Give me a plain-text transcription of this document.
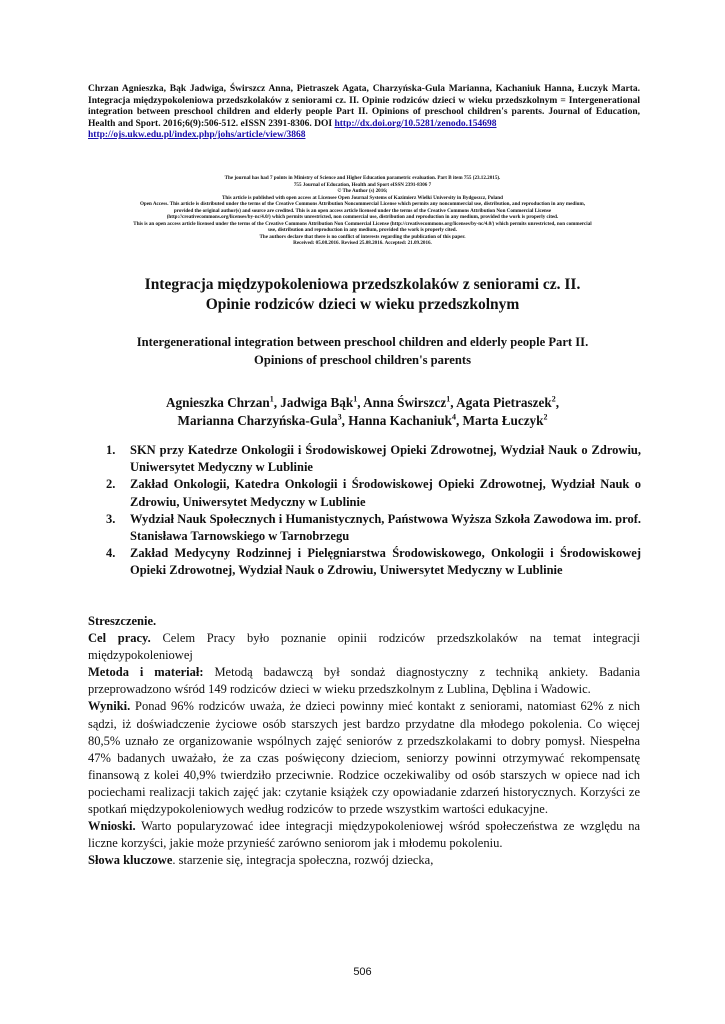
Chrzan Agnieszka, Bąk Jadwiga, Świrszcz Anna, Pietraszek Agata, Charzyńska-Gula Marianna, Kachaniuk Hanna, Łuczyk Marta. Integracja międzypokoleniowa przedszkolaków z seniorami cz. II. Opinie rodziców dzieci w wieku przedszkolnym = Intergenerational integration between preschool children and elderly people Part II. Opinions of preschool children's parents. Journal of Education, Health and Sport. 2016;6(9):506-512. eISSN 2391-8306. DOI http://dx.doi.org/10.5281/zenodo.154698
http://ojs.ukw.edu.pl/index.php/johs/article/view/3868

The journal has had 7 points in Ministry of Science and Higher Education parametric evaluation. Part B item 755 (23.12.2015).
755 Journal of Education, Health and Sport eISSN 2391-8306 7
© The Author (s) 2016;
This article is published with open access at Licensee Open Journal Systems of Kazimierz Wielki University in Bydgoszcz, Poland
Open Access. This article is distributed under the terms of the Creative Commons Attribution Noncommercial License which permits any noncommercial use, distribution, and reproduction in any medium,
provided the original author(s) and source are credited. This is an open access article licensed under the terms of the Creative Commons Attribution Non Commercial License
(http://creativecommons.org/licenses/by-nc/4.0/) which permits unrestricted, non commercial use, distribution and reproduction in any medium, provided the work is properly cited.
This is an open access article licensed under the terms of the Creative Commons Attribution Non Commercial License (http://creativecommons.org/licenses/by-nc/4.0/) which permits unrestricted, non commercial
use, distribution and reproduction in any medium, provided the work is properly cited.
The authors declare that there is no conflict of interests regarding the publication of this paper.
Received: 05.08.2016. Revised 25.08.2016. Accepted: 21.09.2016.
Integracja międzypokoleniowa przedszkolaków z seniorami cz. II.
Opinie rodziców dzieci w wieku przedszkolnym
Intergenerational integration between preschool children and elderly people Part II.
Opinions of preschool children's parents
Agnieszka Chrzan$^1$, Jadwiga Bąk$^1$, Anna Świrszcz$^1$, Agata Pietraszek$^2$,
Marianna Charzyńska-Gula$^3$, Hanna Kachaniuk$^4$, Marta Łuczyk$^2$
1.	SKN przy Katedrze Onkologii i Środowiskowej Opieki Zdrowotnej, Wydział Nauk o Zdrowiu, Uniwersytet Medyczny w Lublinie
2.	Zakład Onkologii, Katedra Onkologii i Środowiskowej Opieki Zdrowotnej, Wydział Nauk o Zdrowiu, Uniwersytet Medyczny w Lublinie
3.	Wydział Nauk Społecznych i Humanistycznych, Państwowa Wyższa Szkoła Zawodowa im. prof. Stanisława Tarnowskiego w Tarnobrzegu
4.	Zakład Medycyny Rodzinnej i Pielęgniarstwa Środowiskowego, Onkologii i Środowiskowej Opieki Zdrowotnej, Wydział Nauk o Zdrowiu, Uniwersytet Medyczny w Lublinie

Streszczenie.

Cel pracy. Celem Pracy było poznanie opinii rodziców przedszkolaków na temat integracji międzypokoleniowej

Metoda i materiał: Metodą badawczą był sondaż diagnostyczny z techniką ankiety. Badania przeprowadzono wśród 149 rodziców dzieci w wieku przedszkolnym z Lublina, Dęblina i Wadowic.

Wyniki. Ponad 96% rodziców uważa, że dzieci powinny mieć kontakt z seniorami, natomiast 62% z nich sądzi, iż doświadczenie życiowe osób starszych jest bardzo przydatne dla młodego pokolenia. Co więcej 80,5% uznało ze organizowanie wspólnych zajęć seniorów z przedszkolakami to dobry pomysł. Niespełna 47% badanych uważało, że za czas poświęcony dzieciom, seniorzy powinni otrzymywać rekompensatę finansową z kolei 40,9% twierdziło przeciwnie. Rodzice oczekiwaliby od osób starszych w opiece nad ich pociechami realizacji takich zajęć jak: czytanie książek czy opowiadanie zdarzeń historycznych. Korzyści ze spotkań międzypokoleniowych według rodziców to przede wszystkim wartości edukacyjne.

Wnioski. Warto popularyzować idee integracji międzypokoleniowej wśród społeczeństwa ze względu na liczne korzyści, jakie może przynieść zarówno seniorom jak i młodemu pokoleniu.

Słowa kluczowe. starzenie się, integracja społeczna, rozwój dziecka,

506
